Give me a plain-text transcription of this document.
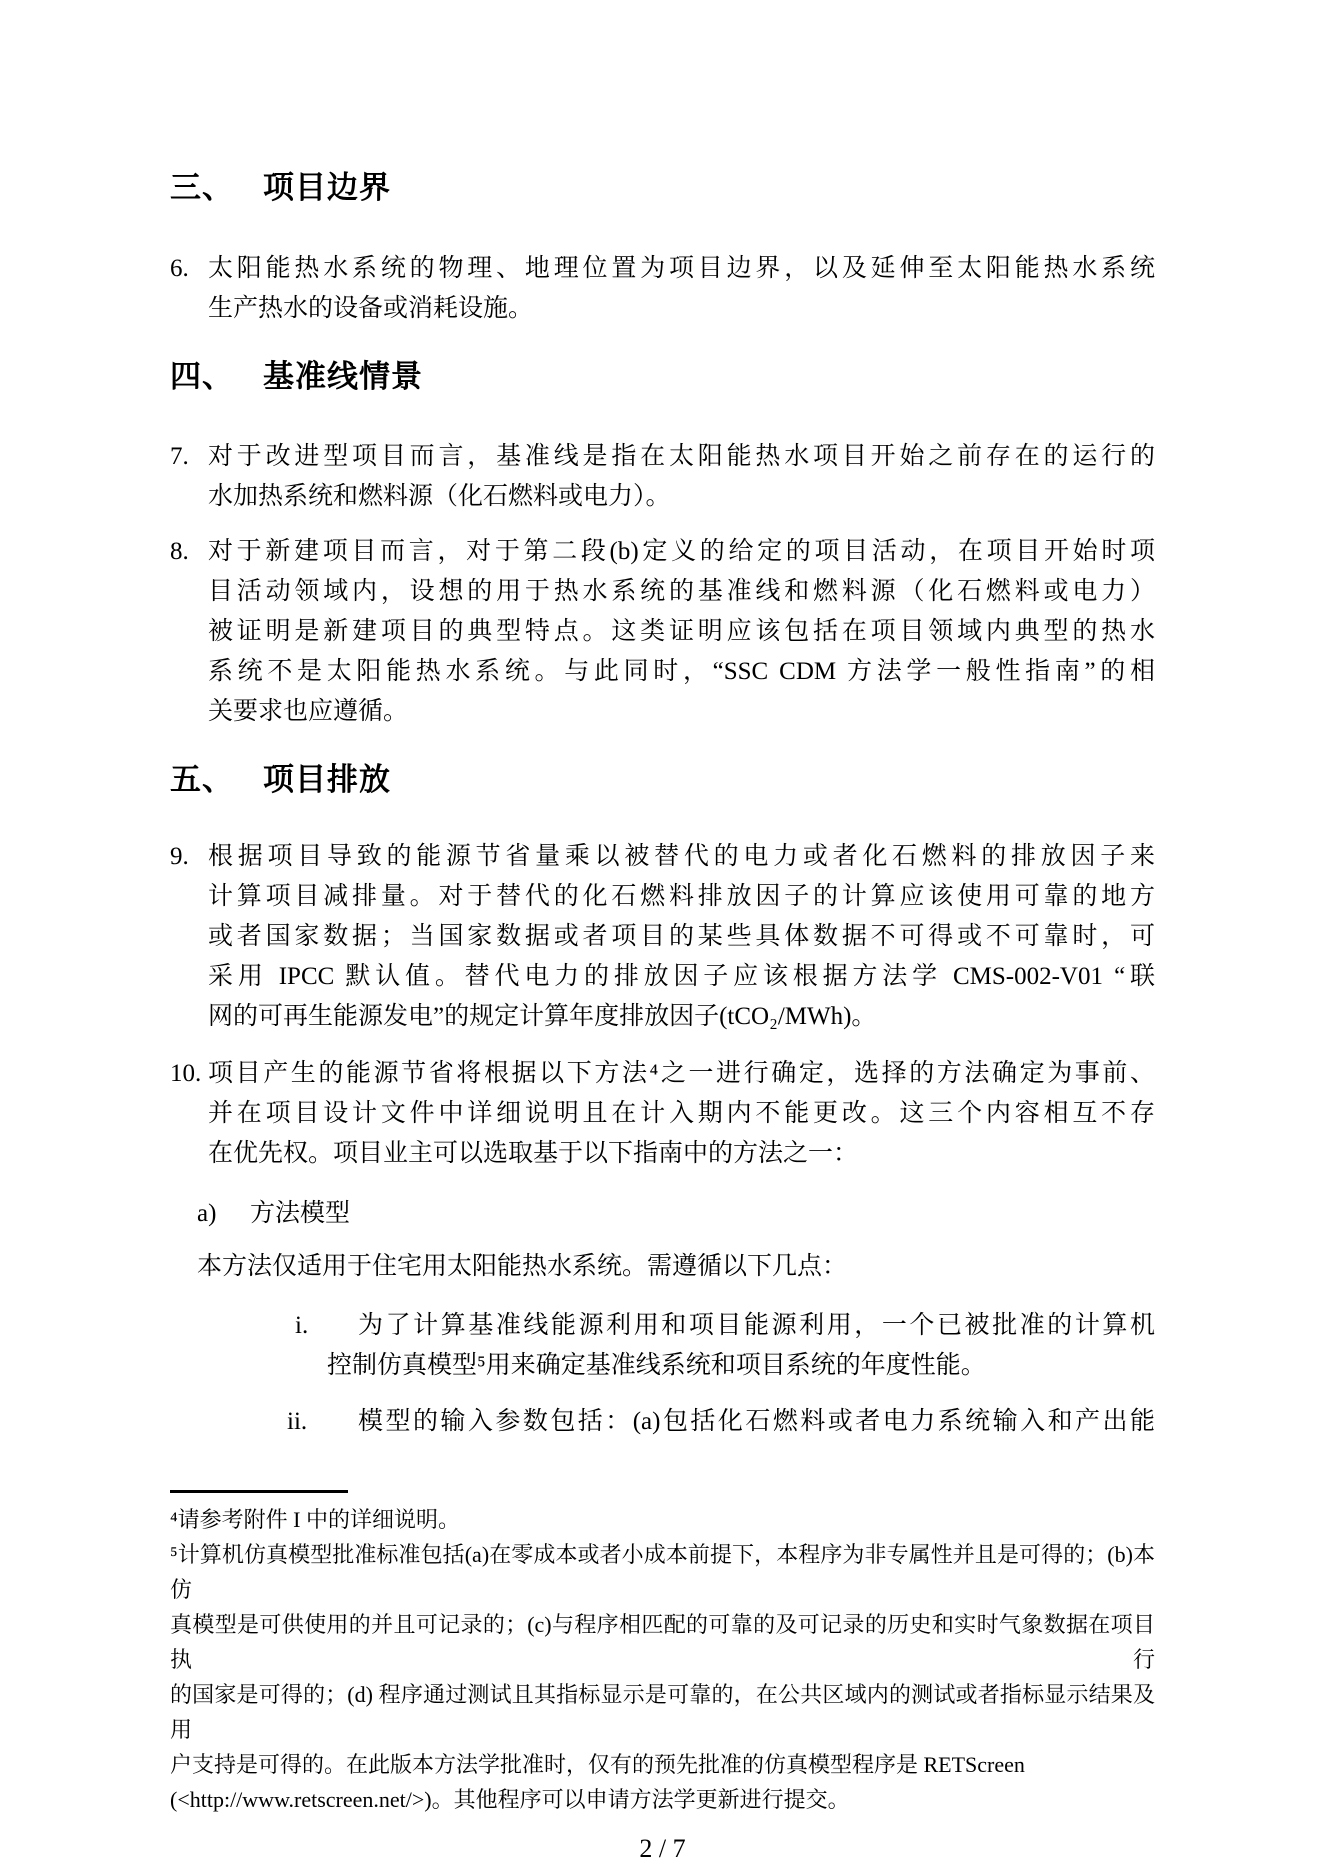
三、 项目边界
6. 太阳能热水系统的物理、地理位置为项目边界，以及延伸至太阳能热水系统
生产热水的设备或消耗设施。
四、 基准线情景
7. 对于改进型项目而言，基准线是指在太阳能热水项目开始之前存在的运行的
水加热系统和燃料源（化石燃料或电力）。
8. 对于新建项目而言，对于第二段(b)定义的给定的项目活动，在项目开始时项
目活动领域内，设想的用于热水系统的基准线和燃料源（化石燃料或电力）
被证明是新建项目的典型特点。这类证明应该包括在项目领域内典型的热水
系统不是太阳能热水系统。与此同时，“SSC CDM 方法学一般性指南”的相
关要求也应遵循。
五、 项目排放
9. 根据项目导致的能源节省量乘以被替代的电力或者化石燃料的排放因子来
计算项目减排量。对于替代的化石燃料排放因子的计算应该使用可靠的地方
或者国家数据；当国家数据或者项目的某些具体数据不可得或不可靠时，可
采用 IPCC 默认值。替代电力的排放因子应该根据方法学 CMS-002-V01 “联
网的可再生能源发电”的规定计算年度排放因子(tCO₂/MWh)。
10. 项目产生的能源节省将根据以下方法⁴之一进行确定，选择的方法确定为事前、
并在项目设计文件中详细说明且在计入期内不能更改。这三个内容相互不存
在优先权。项目业主可以选取基于以下指南中的方法之一：
a) 方法模型
本方法仅适用于住宅用太阳能热水系统。需遵循以下几点：
i. 为了计算基准线能源利用和项目能源利用，一个已被批准的计算机
控制仿真模型⁵用来确定基准线系统和项目系统的年度性能。
ii. 模型的输入参数包括：(a)包括化石燃料或者电力系统输入和产出能
⁴请参考附件 I 中的详细说明。
⁵计算机仿真模型批准标准包括(a)在零成本或者小成本前提下，本程序为非专属性并且是可得的；(b)本仿
真模型是可供使用的并且可记录的；(c)与程序相匹配的可靠的及可记录的历史和实时气象数据在项目执行
的国家是可得的；(d) 程序通过测试且其指标显示是可靠的，在公共区域内的测试或者指标显示结果及用
户支持是可得的。在此版本方法学批准时，仅有的预先批准的仿真模型程序是 RETScreen
(<http://www.retscreen.net/>)。其他程序可以申请方法学更新进行提交。
2 / 7
